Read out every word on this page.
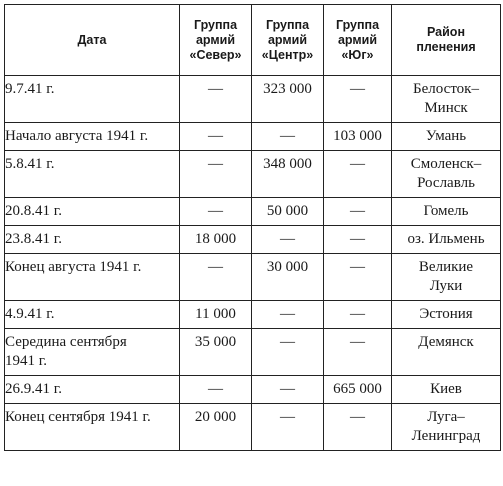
Дата	Группа
армий
«Север»	Группа
армий
«Центр»	Группа
армий
«Юг»	Район
пленения

9.7.41 г.	—	323 000	—	Белосток–
Минск
Начало августа 1941 г.	—	—	103 000	Умань
5.8.41 г.	—	348 000	—	Смоленск–
Рославль
20.8.41 г.	—	50 000	—	Гомель
23.8.41 г.	18 000	—	—	оз. Ильмень
Конец августа 1941 г.	—	30 000	—	Великие
Луки
4.9.41 г.	11 000	—	—	Эстония
Середина сентября
1941 г.	35 000	—	—	Демянск
26.9.41 г.	—	—	665 000	Киев
Конец сентября 1941 г.	20 000	—	—	Луга–
Ленинград
